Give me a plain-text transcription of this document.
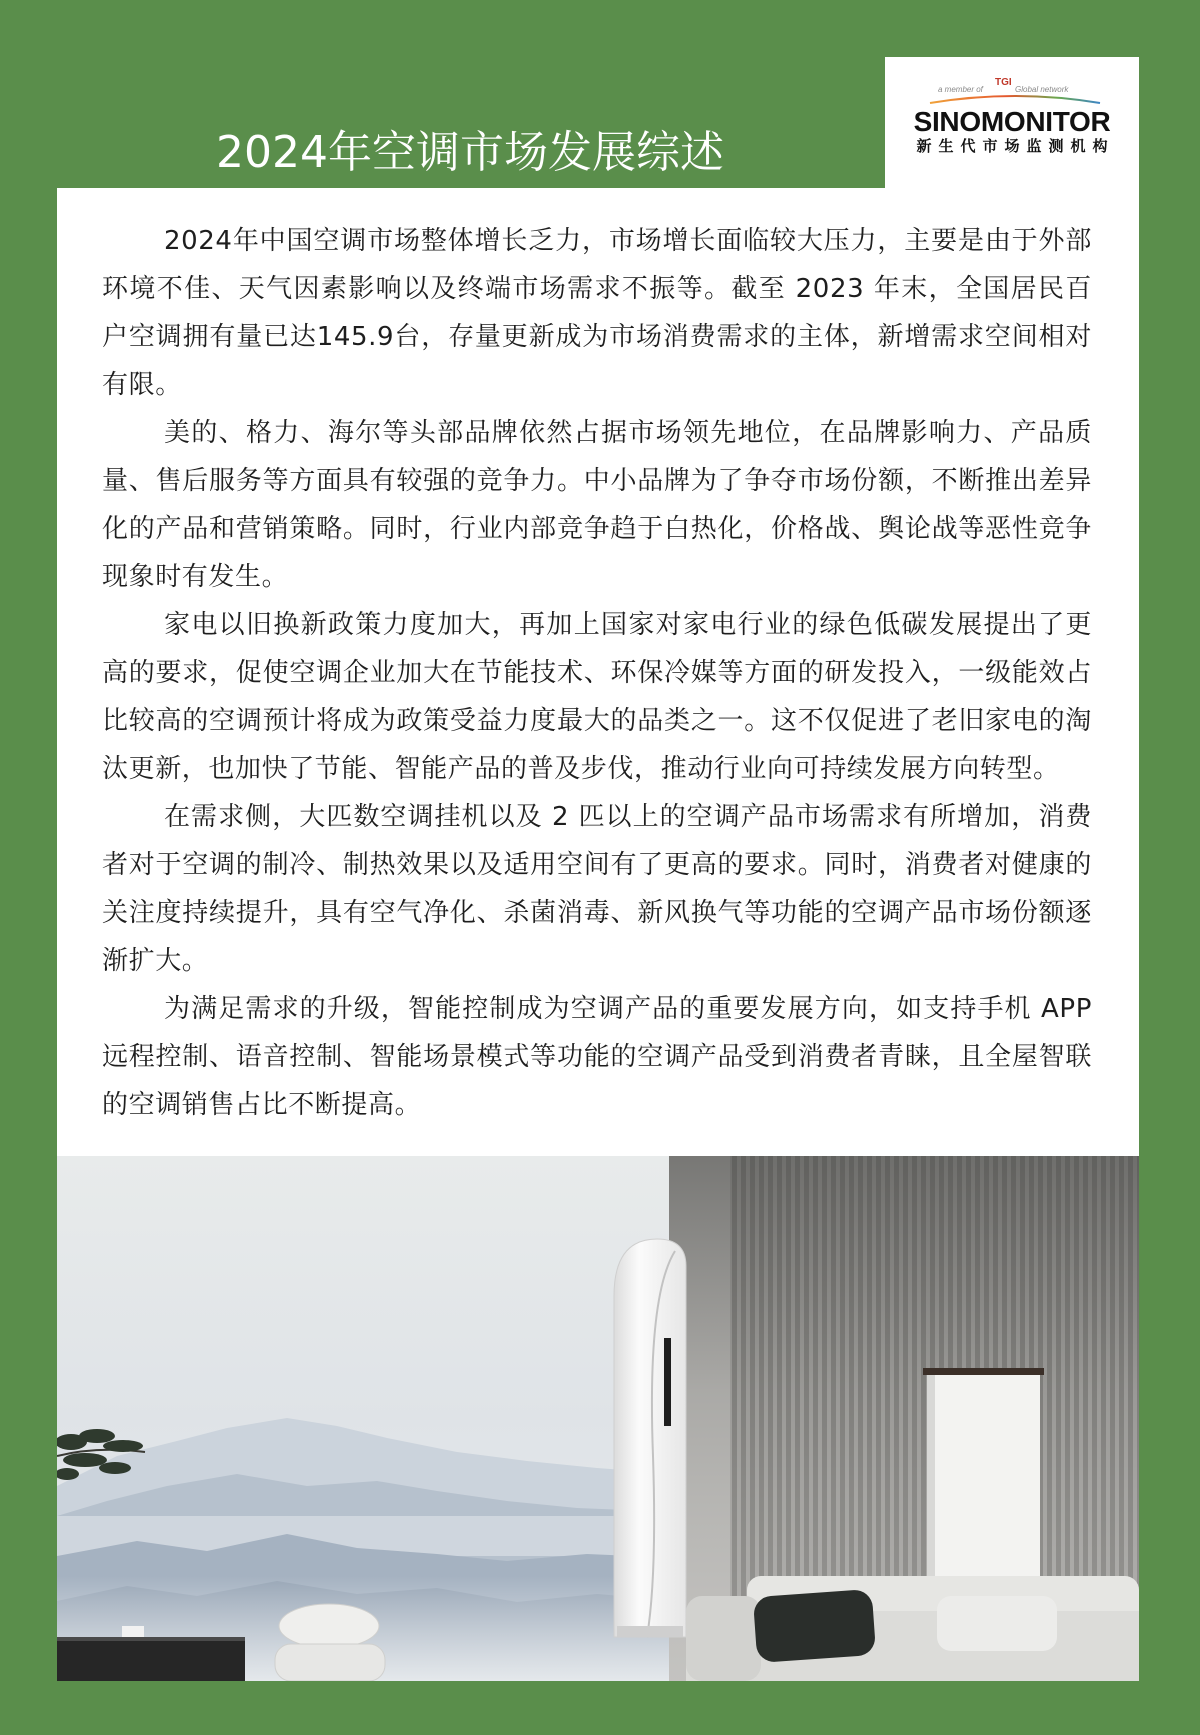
2024年空调市场发展综述
a member of
TGI
Global network
SINOMONITOR
新生代市场监测机构

2024年中国空调市场整体增长乏力，市场增长面临较大压力，主要是由于外部环境不佳、天气因素影响以及终端市场需求不振等。截至 2023 年末，全国居民百户空调拥有量已达145.9台，存量更新成为市场消费需求的主体，新增需求空间相对有限。

美的、格力、海尔等头部品牌依然占据市场领先地位，在品牌影响力、产品质量、售后服务等方面具有较强的竞争力。中小品牌为了争夺市场份额，不断推出差异化的产品和营销策略。同时，行业内部竞争趋于白热化，价格战、舆论战等恶性竞争现象时有发生。

家电以旧换新政策力度加大，再加上国家对家电行业的绿色低碳发展提出了更高的要求，促使空调企业加大在节能技术、环保冷媒等方面的研发投入，一级能效占比较高的空调预计将成为政策受益力度最大的品类之一。这不仅促进了老旧家电的淘汰更新，也加快了节能、智能产品的普及步伐，推动行业向可持续发展方向转型。

在需求侧，大匹数空调挂机以及 2 匹以上的空调产品市场需求有所增加，消费者对于空调的制冷、制热效果以及适用空间有了更高的要求。同时，消费者对健康的关注度持续提升，具有空气净化、杀菌消毒、新风换气等功能的空调产品市场份额逐渐扩大。

为满足需求的升级，智能控制成为空调产品的重要发展方向，如支持手机 APP 远程控制、语音控制、智能场景模式等功能的空调产品受到消费者青睐，且全屋智联的空调销售占比不断提高。
